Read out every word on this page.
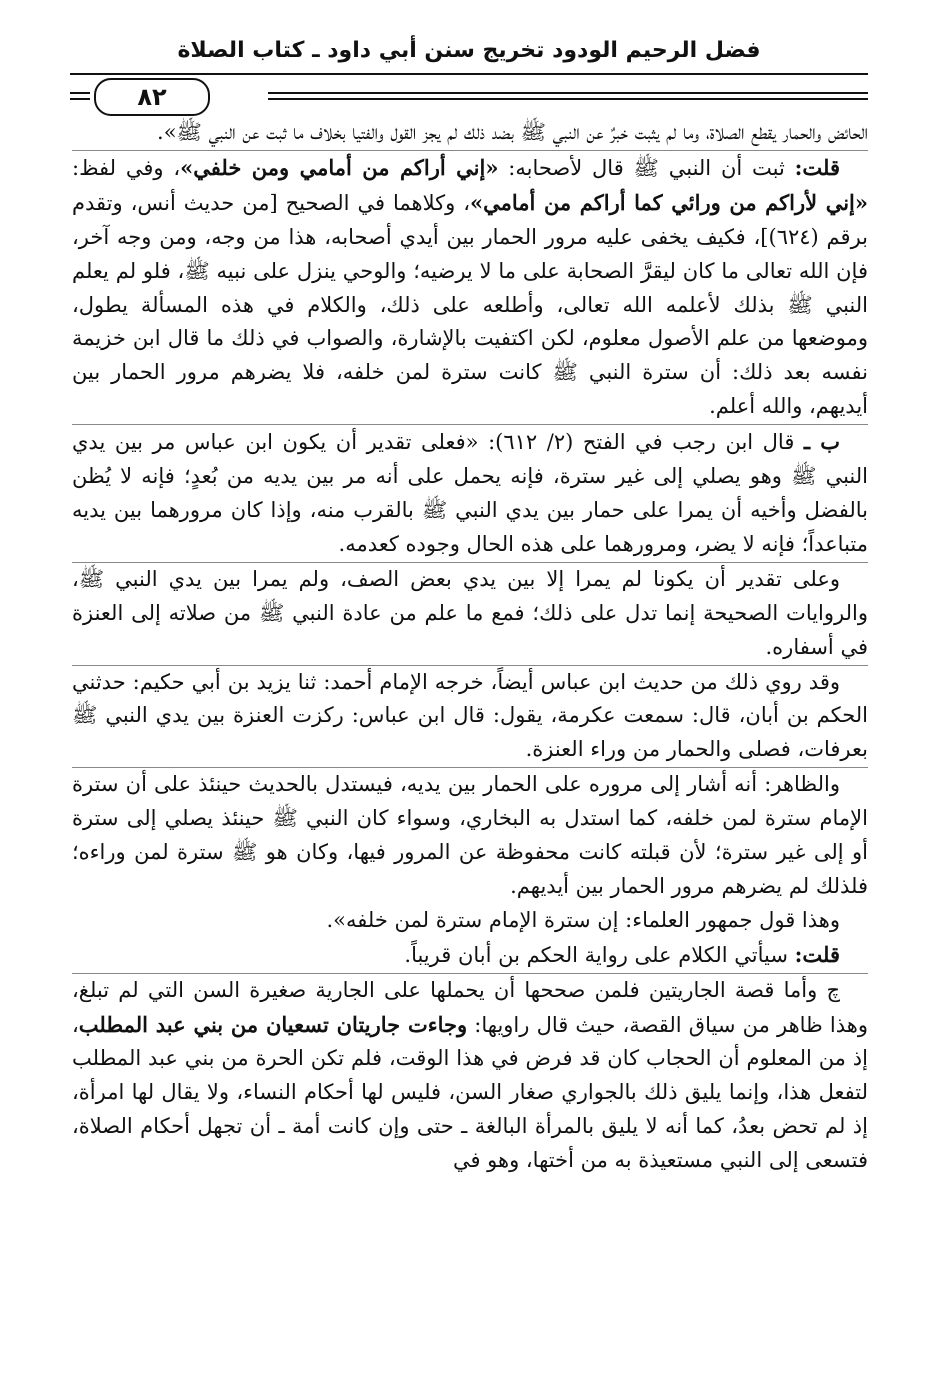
فضل الرحيم الودود تخريج سنن أبي داود ـ كتاب الصلاة
٨٢

الحائض والحمار يقطع الصلاة، وما لم يثبت خبرٌ عن النبي ﷺ بضد ذلك لم يجز القول والفتيا بخلاف ما ثبت عن النبي ﷺ».

قلت: ثبت أن النبي ﷺ قال لأصحابه: «إني أراكم من أمامي ومن خلفي»، وفي لفظ: «إني لأراكم من ورائي كما أراكم من أمامي»، وكلاهما في الصحيح [من حديث أنس، وتقدم برقم (٦٢٤)]، فكيف يخفى عليه مرور الحمار بين أيدي أصحابه، هذا من وجه، ومن وجه آخر، فإن الله تعالى ما كان ليقرَّ الصحابة على ما لا يرضيه؛ والوحي ينزل على نبيه ﷺ، فلو لم يعلم النبي ﷺ بذلك لأعلمه الله تعالى، وأطلعه على ذلك، والكلام في هذه المسألة يطول، وموضعها من علم الأصول معلوم، لكن اكتفيت بالإشارة، والصواب في ذلك ما قال ابن خزيمة نفسه بعد ذلك: أن سترة النبي ﷺ كانت سترة لمن خلفه، فلا يضرهم مرور الحمار بين أيديهم، والله أعلم.

ب ـ قال ابن رجب في الفتح (٢/ ٦١٢): «فعلى تقدير أن يكون ابن عباس مر بين يدي النبي ﷺ وهو يصلي إلى غير سترة، فإنه يحمل على أنه مر بين يديه من بُعدٍ؛ فإنه لا يُظن بالفضل وأخيه أن يمرا على حمار بين يدي النبي ﷺ بالقرب منه، وإذا كان مرورهما بين يديه متباعداً؛ فإنه لا يضر، ومرورهما على هذه الحال وجوده كعدمه.

وعلى تقدير أن يكونا لم يمرا إلا بين يدي بعض الصف، ولم يمرا بين يدي النبي ﷺ، والروايات الصحيحة إنما تدل على ذلك؛ فمع ما علم من عادة النبي ﷺ من صلاته إلى العنزة في أسفاره.

وقد روي ذلك من حديث ابن عباس أيضاً، خرجه الإمام أحمد: ثنا يزيد بن أبي حكيم: حدثني الحكم بن أبان، قال: سمعت عكرمة، يقول: قال ابن عباس: ركزت العنزة بين يدي النبي ﷺ بعرفات، فصلى والحمار من وراء العنزة.

والظاهر: أنه أشار إلى مروره على الحمار بين يديه، فيستدل بالحديث حينئذ على أن سترة الإمام سترة لمن خلفه، كما استدل به البخاري، وسواء كان النبي ﷺ حينئذ يصلي إلى سترة أو إلى غير سترة؛ لأن قبلته كانت محفوظة عن المرور فيها، وكان هو ﷺ سترة لمن وراءه؛ فلذلك لم يضرهم مرور الحمار بين أيديهم.

وهذا قول جمهور العلماء: إن سترة الإمام سترة لمن خلفه».

قلت: سيأتي الكلام على رواية الحكم بن أبان قريباً.

ﭺ وأما قصة الجاريتين فلمن صححها أن يحملها على الجارية صغيرة السن التي لم تبلغ، وهذا ظاهر من سياق القصة، حيث قال راويها: وجاءت جاريتان تسعيان من بني عبد المطلب، إذ من المعلوم أن الحجاب كان قد فرض في هذا الوقت، فلم تكن الحرة من بني عبد المطلب لتفعل هذا، وإنما يليق ذلك بالجواري صغار السن، فليس لها أحكام النساء، ولا يقال لها امرأة، إذ لم تحض بعدُ، كما أنه لا يليق بالمرأة البالغة ـ حتى وإن كانت أمة ـ أن تجهل أحكام الصلاة، فتسعى إلى النبي مستعيذة به من أختها، وهو في
